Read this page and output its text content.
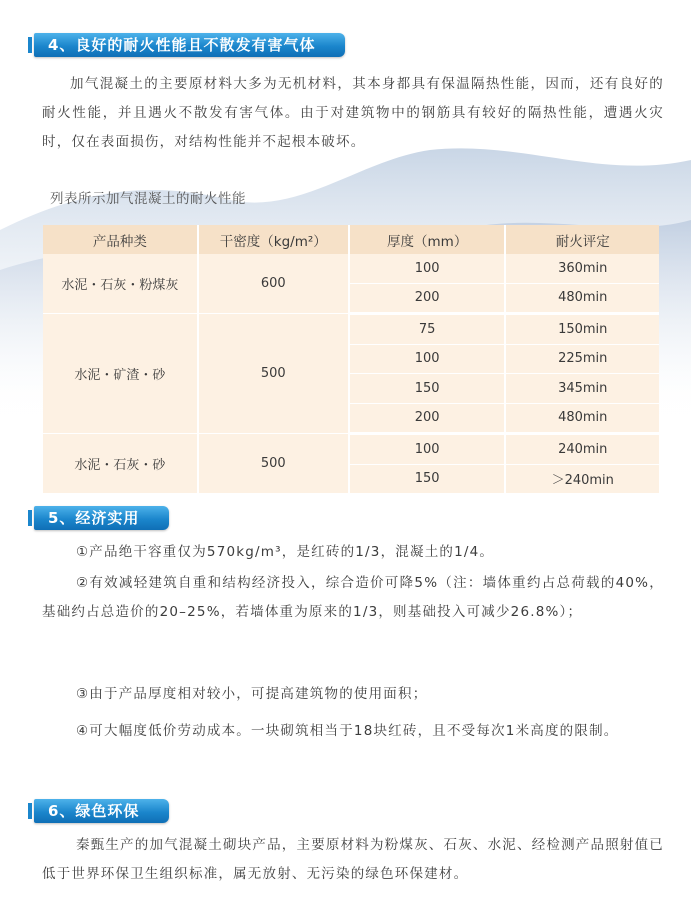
4、良好的耐火性能且不散发有害气体
加气混凝土的主要原材料大多为无机材料，其本身都具有保温隔热性能，因而，还有良好的耐火性能，并且遇火不散发有害气体。由于对建筑物中的钢筋具有较好的隔热性能，遭遇火灾时，仅在表面损伤，对结构性能并不起根本破坏。
列表所示加气混凝土的耐火性能
产品种类	干密度（kg/m²）	厚度（mm）	耐火评定
水泥・石灰・粉煤灰	600	100	360min
		200	480min
水泥・矿渣・砂	500	75	150min
		100	225min
		150	345min
		200	480min
水泥・石灰・砂	500	100	240min
		150	＞240min
5、经济实用
①产品绝干容重仅为570kg/m³，是红砖的1/3，混凝土的1/4。
②有效减轻建筑自重和结构经济投入，综合造价可降5%（注：墙体重约占总荷载的40%，基础约占总造价的20–25%，若墙体重为原来的1/3，则基础投入可减少26.8%）；
③由于产品厚度相对较小，可提高建筑物的使用面积；
④可大幅度低价劳动成本。一块砌筑相当于18块红砖，且不受每次1米高度的限制。
6、绿色环保
秦甄生产的加气混凝土砌块产品，主要原材料为粉煤灰、石灰、水泥、经检测产品照射值已低于世界环保卫生组织标准，属无放射、无污染的绿色环保建材。
